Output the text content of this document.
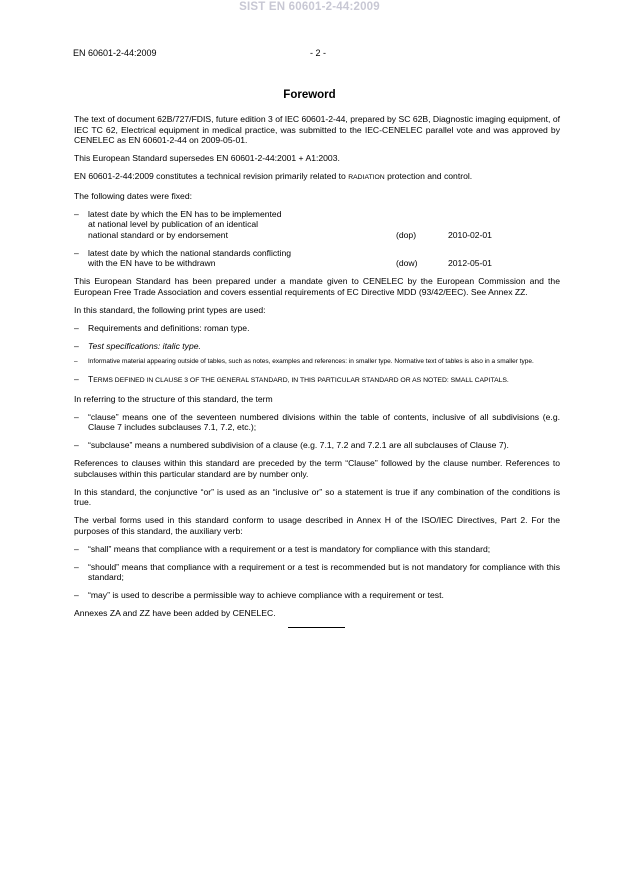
SIST EN 60601-2-44:2009
EN 60601-2-44:2009	- 2 -
Foreword

The text of document 62B/727/FDIS, future edition 3 of IEC 60601-2-44, prepared by SC 62B, Diagnostic imaging equipment, of IEC TC 62, Electrical equipment in medical practice, was submitted to the IEC-CENELEC parallel vote and was approved by CENELEC as EN 60601-2-44 on 2009-05-01.

This European Standard supersedes EN 60601-2-44:2001 + A1:2003.

EN 60601-2-44:2009 constitutes a technical revision primarily related to RADIATION protection and control.

The following dates were fixed:

– latest date by which the EN has to be implemented
at national level by publication of an identical
national standard or by endorsement	(dop)	2010-02-01
– latest date by which the national standards conflicting
with the EN have to be withdrawn	(dow)	2012-05-01

This European Standard has been prepared under a mandate given to CENELEC by the European Commission and the European Free Trade Association and covers essential requirements of EC Directive MDD (93/42/EEC). See Annex ZZ.

In this standard, the following print types are used:

– Requirements and definitions: roman type.
– Test specifications: italic type.
– Informative material appearing outside of tables, such as notes, examples and references: in smaller type. Normative text of tables is also in a smaller type.
– TERMS DEFINED IN CLAUSE 3 OF THE GENERAL STANDARD, IN THIS PARTICULAR STANDARD OR AS NOTED: SMALL CAPITALS.

In referring to the structure of this standard, the term

– “clause” means one of the seventeen numbered divisions within the table of contents, inclusive of all subdivisions (e.g. Clause 7 includes subclauses 7.1, 7.2, etc.);
– “subclause” means a numbered subdivision of a clause (e.g. 7.1, 7.2 and 7.2.1 are all subclauses of Clause 7).

References to clauses within this standard are preceded by the term “Clause” followed by the clause number. References to subclauses within this particular standard are by number only.

In this standard, the conjunctive “or” is used as an “inclusive or” so a statement is true if any combination of the conditions is true.

The verbal forms used in this standard conform to usage described in Annex H of the ISO/IEC Directives, Part 2. For the purposes of this standard, the auxiliary verb:

– “shall” means that compliance with a requirement or a test is mandatory for compliance with this standard;
– “should” means that compliance with a requirement or a test is recommended but is not mandatory for compliance with this standard;
– “may” is used to describe a permissible way to achieve compliance with a requirement or test.

Annexes ZA and ZZ have been added by CENELEC.
